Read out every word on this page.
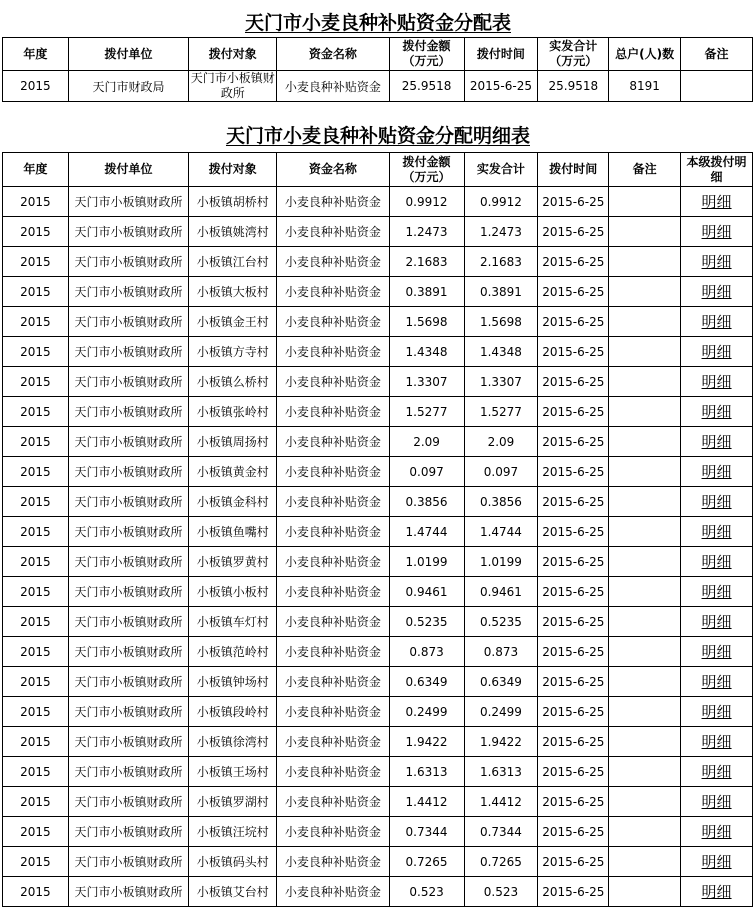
天门市小麦良种补贴资金分配表
年度	拨付单位	拨付对象	资金名称	拨付金额（万元）	拨付时间	实发合计（万元）	总户(人)数	备注
2015	天门市财政局	天门市小板镇财政所	小麦良种补贴资金	25.9518	2015-6-25	25.9518	8191	
天门市小麦良种补贴资金分配明细表
年度	拨付单位	拨付对象	资金名称	拨付金额（万元）	实发合计	拨付时间	备注	本级拨付明细
2015	天门市小板镇财政所	小板镇胡桥村	小麦良种补贴资金	0.9912	0.9912	2015-6-25		明细
2015	天门市小板镇财政所	小板镇姚湾村	小麦良种补贴资金	1.2473	1.2473	2015-6-25		明细
2015	天门市小板镇财政所	小板镇江台村	小麦良种补贴资金	2.1683	2.1683	2015-6-25		明细
2015	天门市小板镇财政所	小板镇大板村	小麦良种补贴资金	0.3891	0.3891	2015-6-25		明细
2015	天门市小板镇财政所	小板镇金王村	小麦良种补贴资金	1.5698	1.5698	2015-6-25		明细
2015	天门市小板镇财政所	小板镇方寺村	小麦良种补贴资金	1.4348	1.4348	2015-6-25		明细
2015	天门市小板镇财政所	小板镇么桥村	小麦良种补贴资金	1.3307	1.3307	2015-6-25		明细
2015	天门市小板镇财政所	小板镇张岭村	小麦良种补贴资金	1.5277	1.5277	2015-6-25		明细
2015	天门市小板镇财政所	小板镇周扬村	小麦良种补贴资金	2.09	2.09	2015-6-25		明细
2015	天门市小板镇财政所	小板镇黄金村	小麦良种补贴资金	0.097	0.097	2015-6-25		明细
2015	天门市小板镇财政所	小板镇金科村	小麦良种补贴资金	0.3856	0.3856	2015-6-25		明细
2015	天门市小板镇财政所	小板镇鱼嘴村	小麦良种补贴资金	1.4744	1.4744	2015-6-25		明细
2015	天门市小板镇财政所	小板镇罗黄村	小麦良种补贴资金	1.0199	1.0199	2015-6-25		明细
2015	天门市小板镇财政所	小板镇小板村	小麦良种补贴资金	0.9461	0.9461	2015-6-25		明细
2015	天门市小板镇财政所	小板镇车灯村	小麦良种补贴资金	0.5235	0.5235	2015-6-25		明细
2015	天门市小板镇财政所	小板镇范岭村	小麦良种补贴资金	0.873	0.873	2015-6-25		明细
2015	天门市小板镇财政所	小板镇钟场村	小麦良种补贴资金	0.6349	0.6349	2015-6-25		明细
2015	天门市小板镇财政所	小板镇段岭村	小麦良种补贴资金	0.2499	0.2499	2015-6-25		明细
2015	天门市小板镇财政所	小板镇徐湾村	小麦良种补贴资金	1.9422	1.9422	2015-6-25		明细
2015	天门市小板镇财政所	小板镇王场村	小麦良种补贴资金	1.6313	1.6313	2015-6-25		明细
2015	天门市小板镇财政所	小板镇罗湖村	小麦良种补贴资金	1.4412	1.4412	2015-6-25		明细
2015	天门市小板镇财政所	小板镇汪垸村	小麦良种补贴资金	0.7344	0.7344	2015-6-25		明细
2015	天门市小板镇财政所	小板镇码头村	小麦良种补贴资金	0.7265	0.7265	2015-6-25		明细
2015	天门市小板镇财政所	小板镇艾台村	小麦良种补贴资金	0.523	0.523	2015-6-25		明细
